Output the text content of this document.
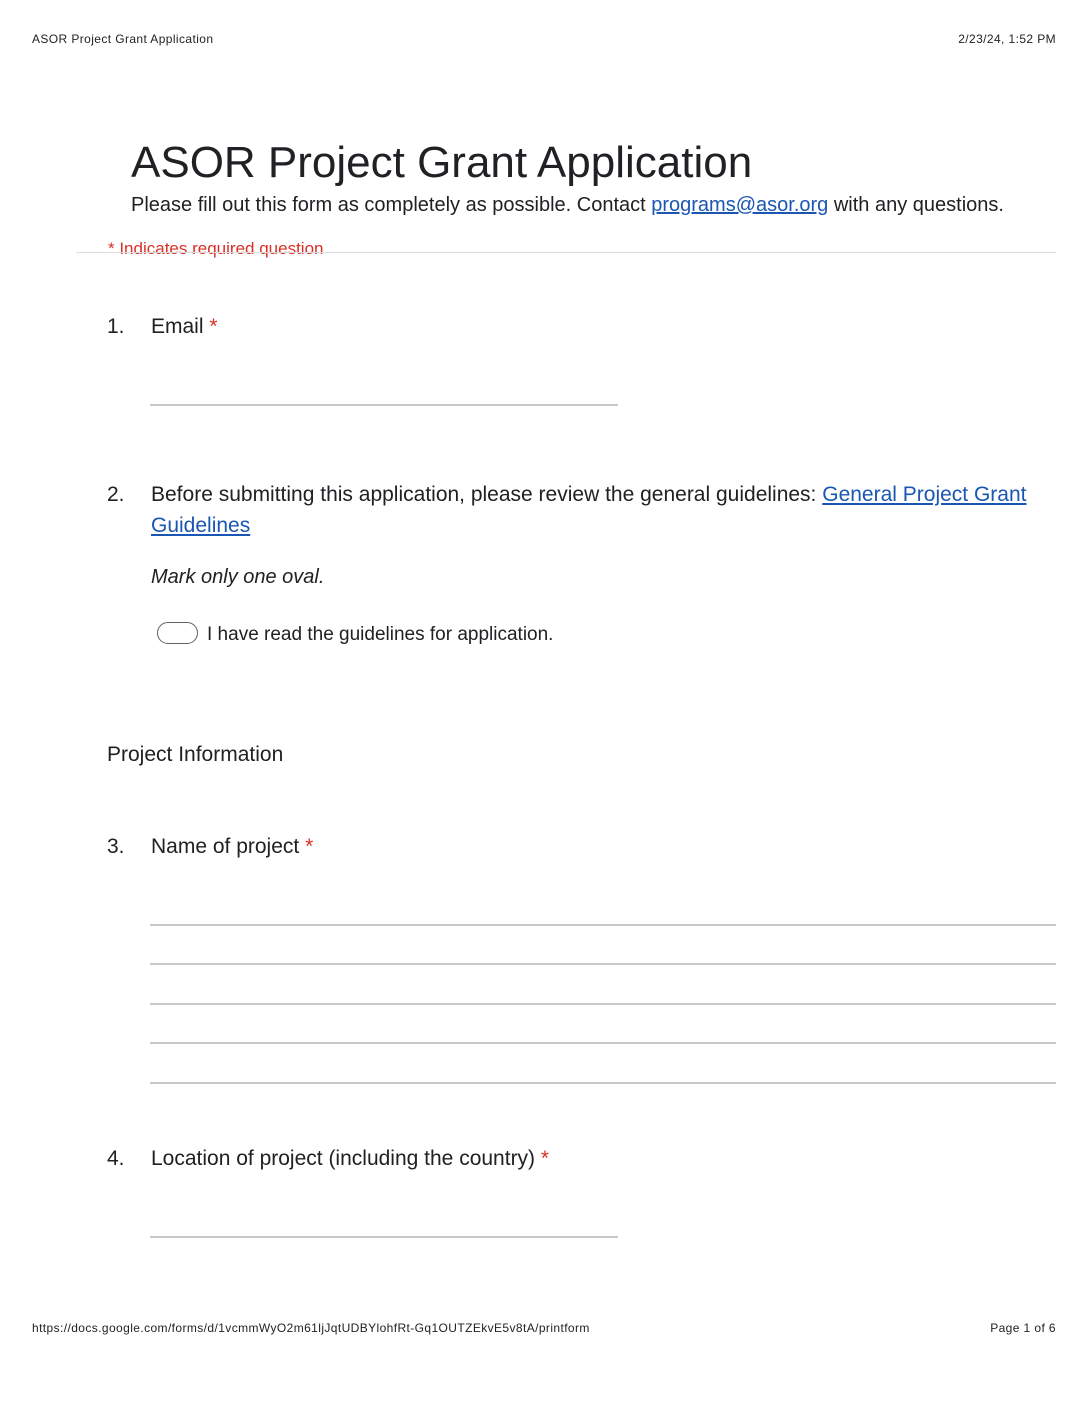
ASOR Project Grant Application	2/23/24, 1:52 PM
ASOR Project Grant Application
Please fill out this form as completely as possible. Contact programs@asor.org with any questions.
* Indicates required question
1. Email *
2. Before submitting this application, please review the general guidelines: General Project Grant
Guidelines
Mark only one oval.
I have read the guidelines for application.
Project Information
3. Name of project *
4. Location of project (including the country) *
https://docs.google.com/forms/d/1vcmmWyO2m61ljJqtUDBYlohfRt-Gq1OUTZEkvE5v8tA/printform	Page 1 of 6
